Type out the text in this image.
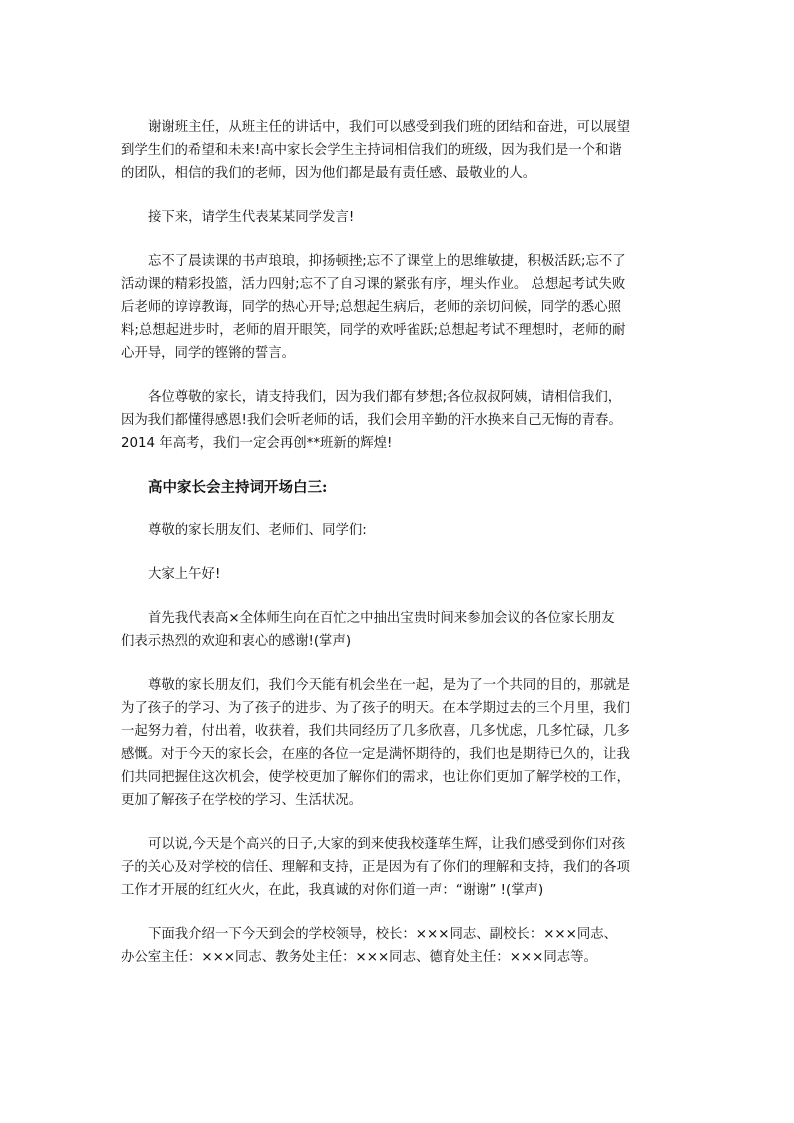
谢谢班主任，从班主任的讲话中，我们可以感受到我们班的团结和奋进，可以展望
到学生们的希望和未来!高中家长会学生主持词相信我们的班级，因为我们是一个和谐
的团队，相信的我们的老师，因为他们都是最有责任感、最敬业的人。

接下来，请学生代表某某同学发言!

忘不了晨读课的书声琅琅，抑扬顿挫;忘不了课堂上的思维敏捷，积极活跃;忘不了
活动课的精彩投篮，活力四射;忘不了自习课的紧张有序，埋头作业。 总想起考试失败
后老师的谆谆教诲，同学的热心开导;总想起生病后，老师的亲切问候，同学的悉心照
料;总想起进步时，老师的眉开眼笑，同学的欢呼雀跃;总想起考试不理想时，老师的耐
心开导，同学的铿锵的誓言。

各位尊敬的家长，请支持我们，因为我们都有梦想;各位叔叔阿姨，请相信我们，
因为我们都懂得感恩!我们会听老师的话，我们会用辛勤的汗水换来自己无悔的青春。
2014 年高考，我们一定会再创**班新的辉煌!

高中家长会主持词开场白三:

尊敬的家长朋友们、老师们、同学们:

大家上午好!

首先我代表高×全体师生向在百忙之中抽出宝贵时间来参加会议的各位家长朋友
们表示热烈的欢迎和衷心的感谢!(掌声)

尊敬的家长朋友们，我们今天能有机会坐在一起，是为了一个共同的目的，那就是
为了孩子的学习、为了孩子的进步、为了孩子的明天。在本学期过去的三个月里，我们
一起努力着，付出着，收获着，我们共同经历了几多欣喜，几多忧虑，几多忙碌，几多
感慨。对于今天的家长会，在座的各位一定是满怀期待的，我们也是期待已久的，让我
们共同把握住这次机会，使学校更加了解你们的需求，也让你们更加了解学校的工作，
更加了解孩子在学校的学习、生活状况。

可以说,今天是个高兴的日子,大家的到来使我校蓬荜生辉，让我们感受到你们对孩
子的关心及对学校的信任、理解和支持，正是因为有了你们的理解和支持，我们的各项
工作才开展的红红火火，在此，我真诚的对你们道一声：“谢谢” !(掌声)

下面我介绍一下今天到会的学校领导，校长：×××同志、副校长：×××同志、
办公室主任：×××同志、教务处主任：×××同志、德育处主任：×××同志等。
